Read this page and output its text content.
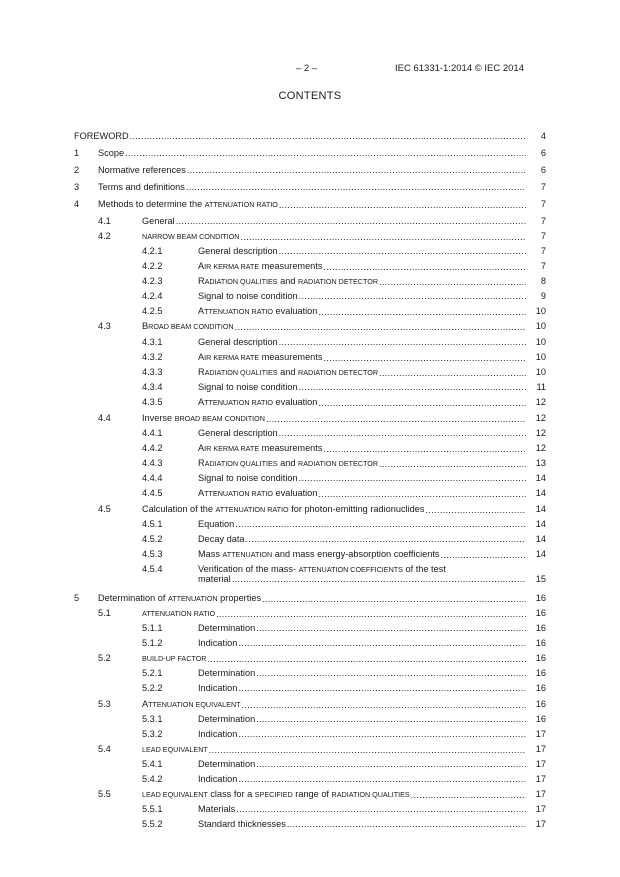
– 2 –	IEC 61331-1:2014 © IEC 2014
CONTENTS
FOREWORD .....	4
1 Scope .....	6
2 Normative references .....	6
3 Terms and definitions .....	7
4 Methods to determine the ATTENUATION RATIO .....	7
4.1	General .....	7
4.2	NARROW BEAM CONDITION .....	7
4.2.1	General description .....	7
4.2.2	AIR KERMA RATE measurements .....	7
4.2.3	RADIATION QUALITIES and RADIATION DETECTOR .....	8
4.2.4	Signal to noise condition .....	9
4.2.5	ATTENUATION RATIO evaluation .....	10
4.3	BROAD BEAM CONDITION .....	10
4.3.1	General description .....	10
4.3.2	AIR KERMA RATE measurements .....	10
4.3.3	RADIATION QUALITIES and RADIATION DETECTOR .....	10
4.3.4	Signal to noise condition .....	11
4.3.5	ATTENUATION RATIO evaluation .....	12
4.4	Inverse BROAD BEAM CONDITION .....	12
4.4.1	General description .....	12
4.4.2	AIR KERMA RATE measurements .....	12
4.4.3	RADIATION QUALITIES and RADIATION DETECTOR .....	13
4.4.4	Signal to noise condition .....	14
4.4.5	ATTENUATION RATIO evaluation .....	14
4.5	Calculation of the ATTENUATION RATIO for photon-emitting radionuclides .....	14
4.5.1	Equation .....	14
4.5.2	Decay data .....	14
4.5.3	Mass ATTENUATION and mass energy-absorption coefficients .....	14
4.5.4	Verification of the mass- ATTENUATION COEFFICIENTS of the test
material .....	15
5 Determination of ATTENUATION properties .....	16
5.1	ATTENUATION RATIO .....	16
5.1.1	Determination .....	16
5.1.2	Indication .....	16
5.2	BUILD-UP FACTOR .....	16
5.2.1	Determination .....	16
5.2.2	Indication .....	16
5.3	ATTENUATION EQUIVALENT .....	16
5.3.1	Determination .....	16
5.3.2	Indication .....	17
5.4	LEAD EQUIVALENT .....	17
5.4.1	Determination .....	17
5.4.2	Indication .....	17
5.5	LEAD EQUIVALENT class for a SPECIFIED range of RADIATION QUALITIES .....	17
5.5.1	Materials .....	17
5.5.2	Standard thicknesses .....	17
